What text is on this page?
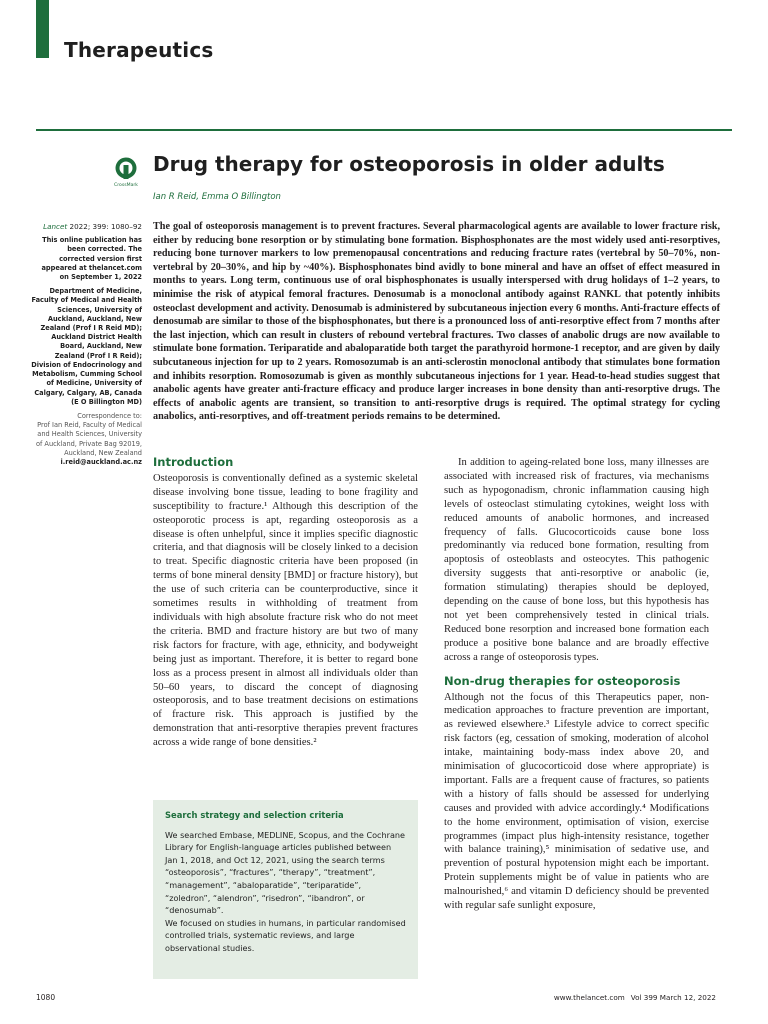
Therapeutics
CrossMark
Drug therapy for osteoporosis in older adults
Ian R Reid, Emma O Billington
Lancet 2022; 399: 1080–92

This online publication has been corrected. The corrected version first appeared at thelancet.com on September 1, 2022

Department of Medicine, Faculty of Medical and Health Sciences, University of Auckland, Auckland, New Zealand (Prof I R Reid MD); Auckland District Health Board, Auckland, New Zealand (Prof I R Reid); Division of Endocrinology and Metabolism, Cumming School of Medicine, University of Calgary, Calgary, AB, Canada (E O Billington MD)

Correspondence to:
Prof Ian Reid, Faculty of Medical and Health Sciences, University of Auckland, Private Bag 92019, Auckland, New Zealand
i.reid@auckland.ac.nz

The goal of osteoporosis management is to prevent fractures. Several pharmacological agents are available to lower fracture risk, either by reducing bone resorption or by stimulating bone formation. Bisphosphonates are the most widely used anti-resorptives, reducing bone turnover markers to low premenopausal concentrations and reducing fracture rates (vertebral by 50–70%, non-vertebral by 20–30%, and hip by ~40%). Bisphosphonates bind avidly to bone mineral and have an offset of effect measured in months to years. Long term, continuous use of oral bisphosphonates is usually interspersed with drug holidays of 1–2 years, to minimise the risk of atypical femoral fractures. Denosumab is a monoclonal antibody against RANKL that potently inhibits osteoclast development and activity. Denosumab is administered by subcutaneous injection every 6 months. Anti-fracture effects of denosumab are similar to those of the bisphosphonates, but there is a pronounced loss of anti-resorptive effect from 7 months after the last injection, which can result in clusters of rebound vertebral fractures. Two classes of anabolic drugs are now available to stimulate bone formation. Teriparatide and abaloparatide both target the parathyroid hormone-1 receptor, and are given by daily subcutaneous injection for up to 2 years. Romosozumab is an anti-sclerostin monoclonal antibody that stimulates bone formation and inhibits resorption. Romosozumab is given as monthly subcutaneous injections for 1 year. Head-to-head studies suggest that anabolic agents have greater anti-fracture efficacy and produce larger increases in bone density than anti-resorptive drugs. The effects of anabolic agents are transient, so transition to anti-resorptive drugs is required. The optimal strategy for cycling anabolics, anti-resorptives, and off-treatment periods remains to be determined.

Introduction

Osteoporosis is conventionally defined as a systemic skeletal disease involving bone tissue, leading to bone fragility and susceptibility to fracture.¹ Although this description of the osteoporotic process is apt, regarding osteoporosis as a disease is often unhelpful, since it implies specific diagnostic criteria, and that diagnosis will be closely linked to a decision to treat. Specific diagnostic criteria have been proposed (in terms of bone mineral density [BMD] or fracture history), but the use of such criteria can be counterproductive, since it sometimes results in withholding of treatment from individuals with high absolute fracture risk who do not meet the criteria. BMD and fracture history are but two of many risk factors for fracture, with age, ethnicity, and bodyweight being just as important. Therefore, it is better to regard bone loss as a process present in almost all individuals older than 50–60 years, to discard the concept of diagnosing osteoporosis, and to base treatment decisions on estimations of fracture risk. This approach is justified by the demonstration that anti-resorptive therapies prevent fractures across a wide range of bone densities.²

Search strategy and selection criteria

We searched Embase, MEDLINE, Scopus, and the Cochrane Library for English-language articles published between Jan 1, 2018, and Oct 12, 2021, using the search terms “osteoporosis”, “fractures”, “therapy”, “treatment”, “management”, “abaloparatide”, “teriparatide”, “zoledron”, “alendron”, “risedron”, “ibandron”, or “denosumab”.

We focused on studies in humans, in particular randomised controlled trials, systematic reviews, and large observational studies.

In addition to ageing-related bone loss, many illnesses are associated with increased risk of fractures, via mechanisms such as hypogonadism, chronic inflammation causing high levels of osteoclast stimulating cytokines, weight loss with reduced amounts of anabolic hormones, and increased frequency of falls. Glucocorticoids cause bone loss predominantly via reduced bone formation, resulting from apoptosis of osteoblasts and osteocytes. This pathogenic diversity suggests that anti-resorptive or anabolic (ie, formation stimulating) therapies should be deployed, depending on the cause of bone loss, but this hypothesis has not yet been comprehensively tested in clinical trials. Reduced bone resorption and increased bone formation each produce a positive bone balance and are broadly effective across a range of osteoporosis types.

Non-drug therapies for osteoporosis

Although not the focus of this Therapeutics paper, non-medication approaches to fracture prevention are important, as reviewed elsewhere.³ Lifestyle advice to correct specific risk factors (eg, cessation of smoking, moderation of alcohol intake, maintaining body-mass index above 20, and minimisation of glucocorticoid dose where appropriate) is important. Falls are a frequent cause of fractures, so patients with a history of falls should be assessed for underlying causes and provided with advice accordingly.⁴ Modifications to the home environment, optimisation of vision, exercise programmes (impact plus high-intensity resistance, together with balance training),⁵ minimisation of sedative use, and prevention of postural hypotension might each be important. Protein supplements might be of value in patients who are malnourished,⁶ and vitamin D deficiency should be prevented with regular safe sunlight exposure,

1080	www.thelancet.com Vol 399 March 12, 2022
